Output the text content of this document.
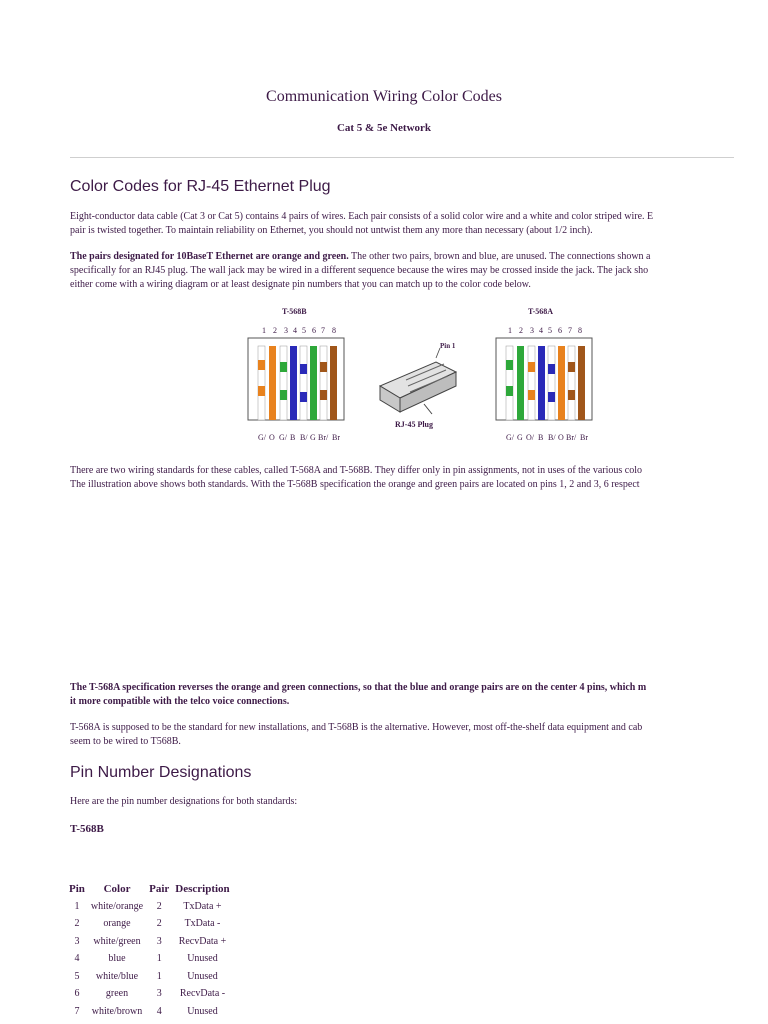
Communication Wiring Color Codes
Cat 5 & 5e Network
Color Codes for RJ-45 Ethernet Plug
Eight-conductor data cable (Cat 3 or Cat 5) contains 4 pairs of wires. Each pair consists of a solid color wire and a white and color striped wire. E
pair is twisted together. To maintain reliability on Ethernet, you should not untwist them any more than necessary (about 1/2 inch).
The pairs designated for 10BaseT Ethernet are orange and green. The other two pairs, brown and blue, are unused. The connections shown a
specifically for an RJ45 plug. The wall jack may be wired in a different sequence because the wires may be crossed inside the jack. The jack sho
either come with a wiring diagram or at least designate pin numbers that you can match up to the color code below.
T-568B
1 2 3 4 5 6 7 8
G/ O G/ B B/ G Br/ Br
Pin 1
RJ-45 Plug
T-568A
1 2 3 4 5 6 7 8
G/ G O/ B B/ O Br/ Br
There are two wiring standards for these cables, called T-568A and T-568B. They differ only in pin assignments, not in uses of the various colo
The illustration above shows both standards. With the T-568B specification the orange and green pairs are located on pins 1, 2 and 3, 6 respect
The T-568A specification reverses the orange and green connections, so that the blue and orange pairs are on the center 4 pins, which m
it more compatible with the telco voice connections.
T-568A is supposed to be the standard for new installations, and T-568B is the alternative. However, most off-the-shelf data equipment and cab
seem to be wired to T568B.
Pin Number Designations
Here are the pin number designations for both standards:
T-568B
Pin	Color	Pair	Description
1	white/orange	2	TxData +
2	orange	2	TxData -
3	white/green	3	RecvData +
4	blue	1	Unused
5	white/blue	1	Unused
6	green	3	RecvData -
7	white/brown	4	Unused
